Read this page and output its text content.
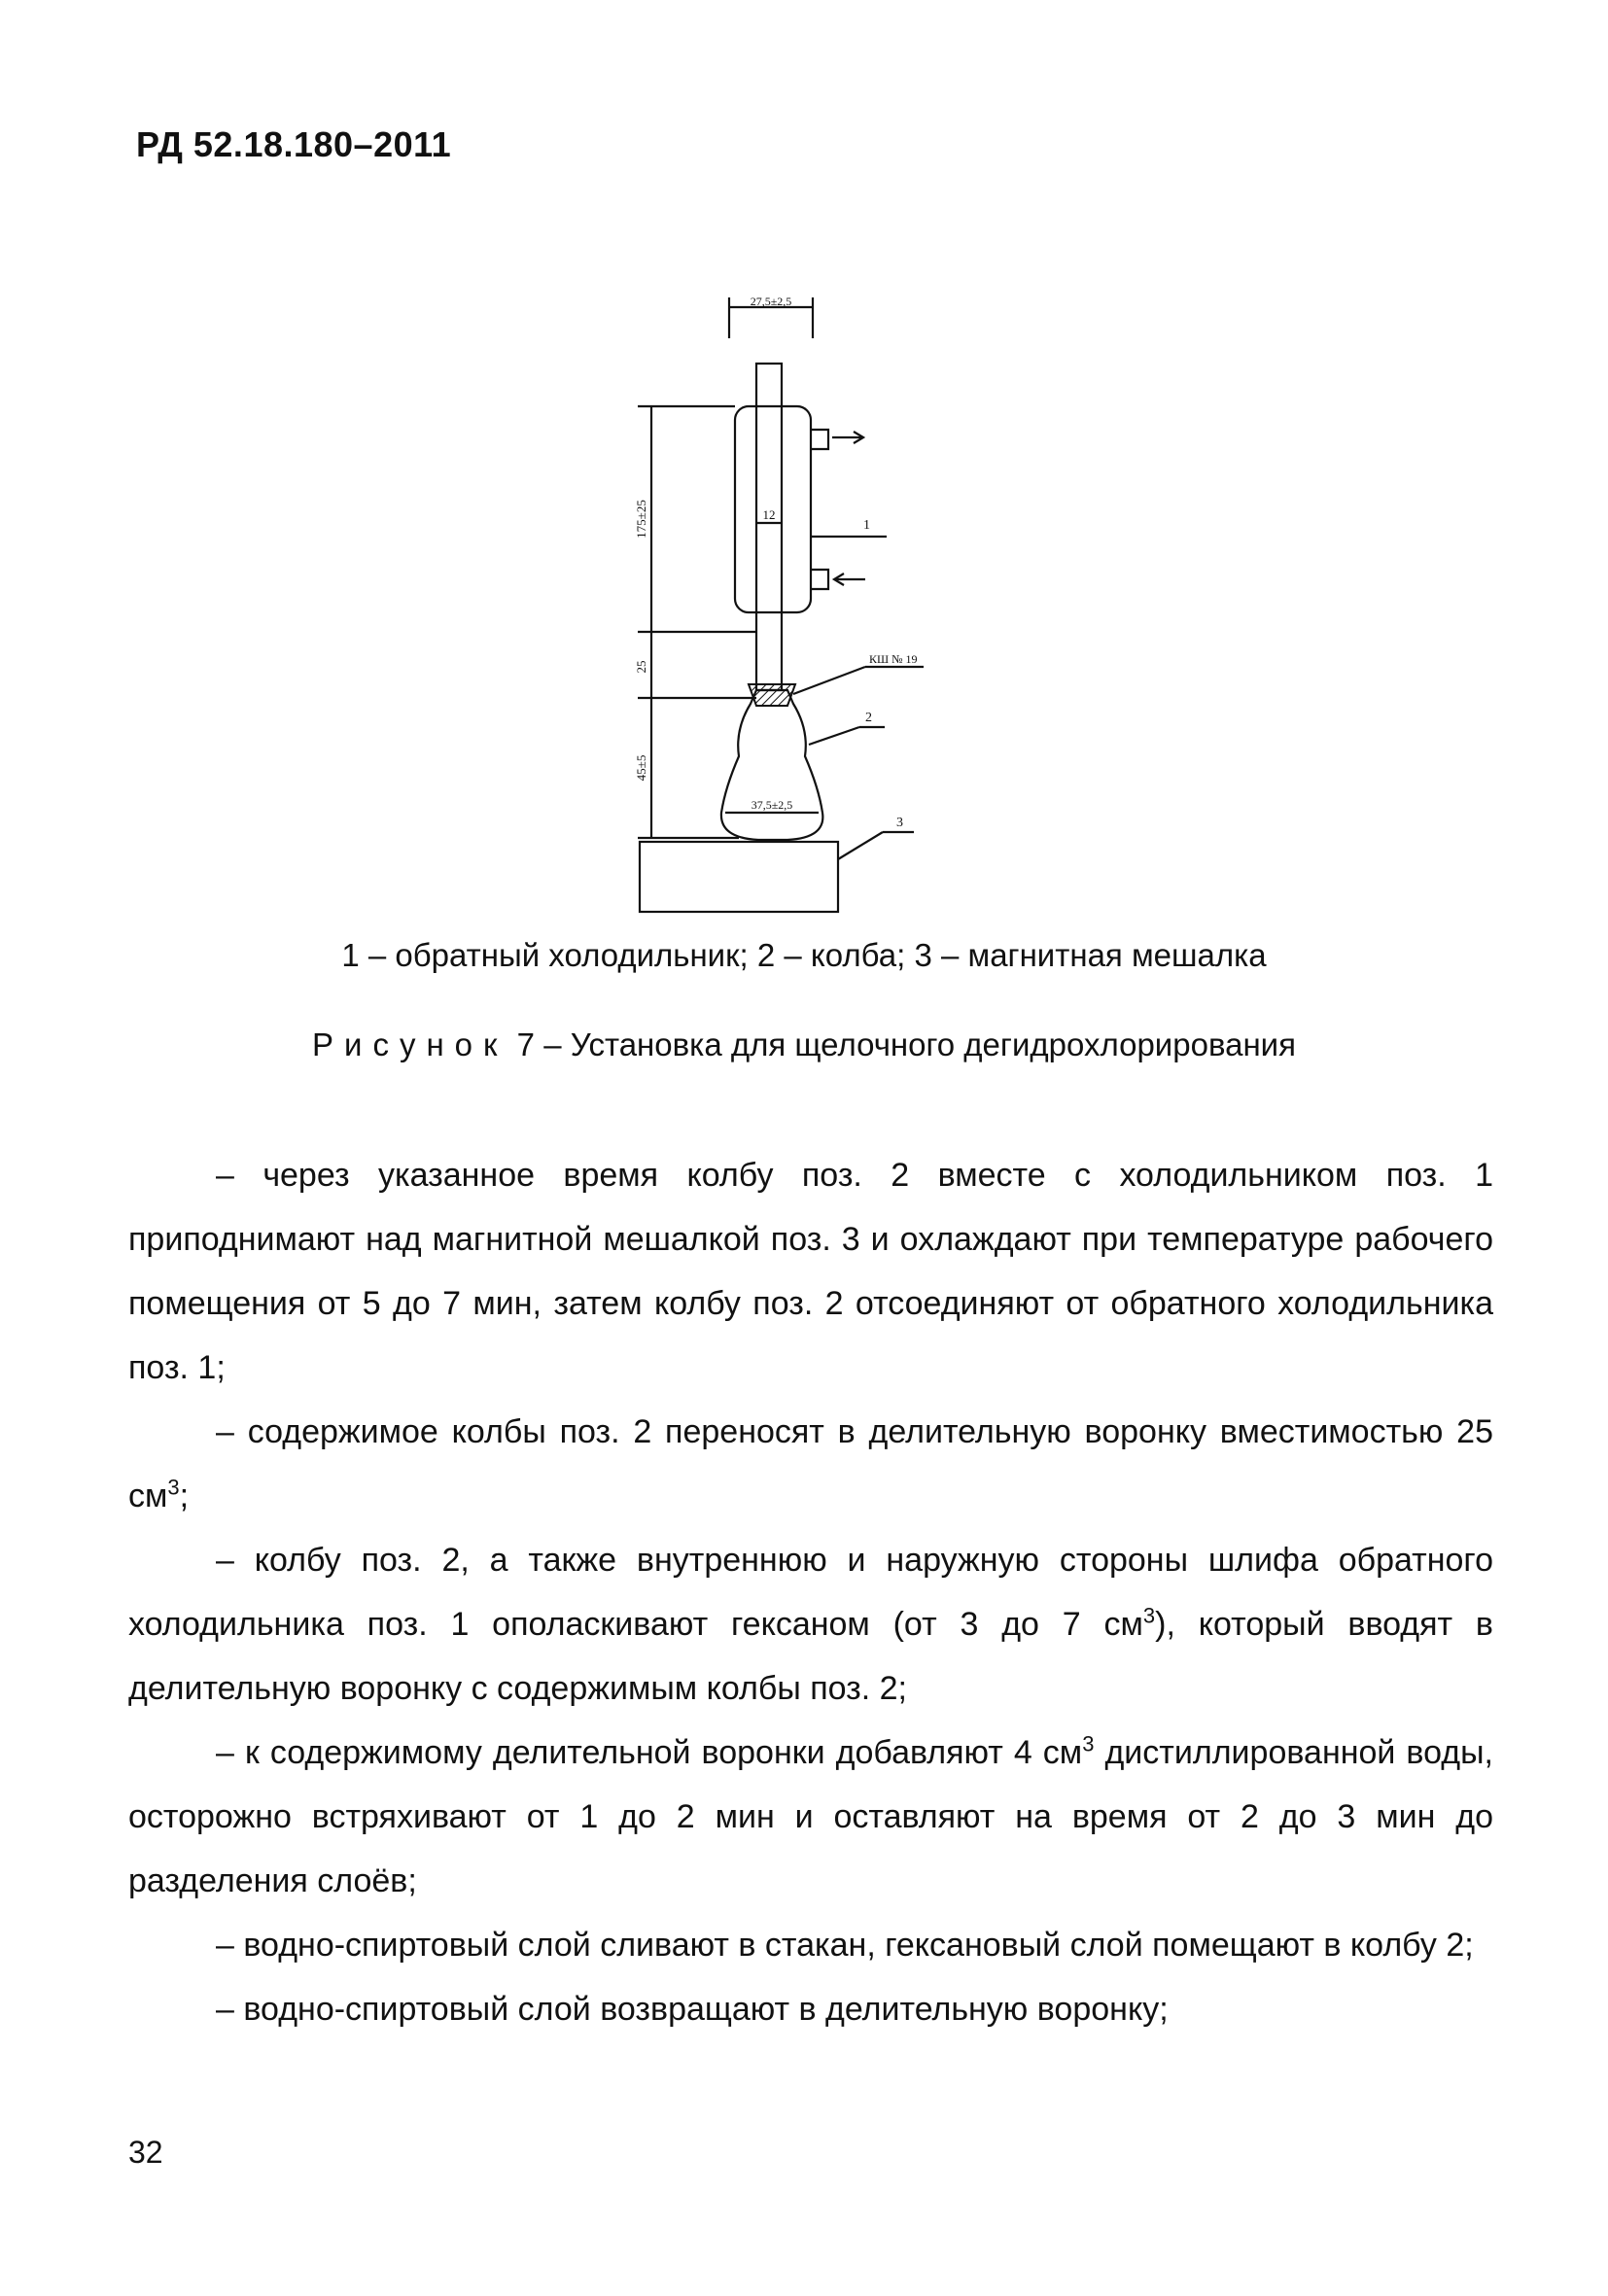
РД 52.18.180–2011
27,5±2,5
12
175±25
25
45±5
37,5±2,5
КШ № 19
1
2
3
1 – обратный холодильник; 2 – колба; 3 – магнитная мешалка
Рисунок 7 – Установка для щелочного дегидрохлорирования

– через указанное время колбу поз. 2 вместе с холодильником поз. 1 приподнимают над магнитной мешалкой поз. 3 и охлаждают при температуре рабочего помещения от 5 до 7 мин, затем колбу поз. 2 отсоединяют от обратного холодильника поз. 1;

– содержимое колбы поз. 2 переносят в делительную воронку вместимостью 25 $см^3$;

– колбу поз. 2, а также внутреннюю и наружную стороны шлифа обратного холодильника поз. 1 ополаскивают гексаном (от 3 до 7 $см^3$), который вводят в делительную воронку с содержимым колбы поз. 2;

– к содержимому делительной воронки добавляют 4 $см^3$ дистиллированной воды, осторожно встряхивают от 1 до 2 мин и оставляют на время от 2 до 3 мин до разделения слоёв;

– водно-спиртовый слой сливают в стакан, гексановый слой помещают в колбу 2;

– водно-спиртовый слой возвращают в делительную воронку;

32
